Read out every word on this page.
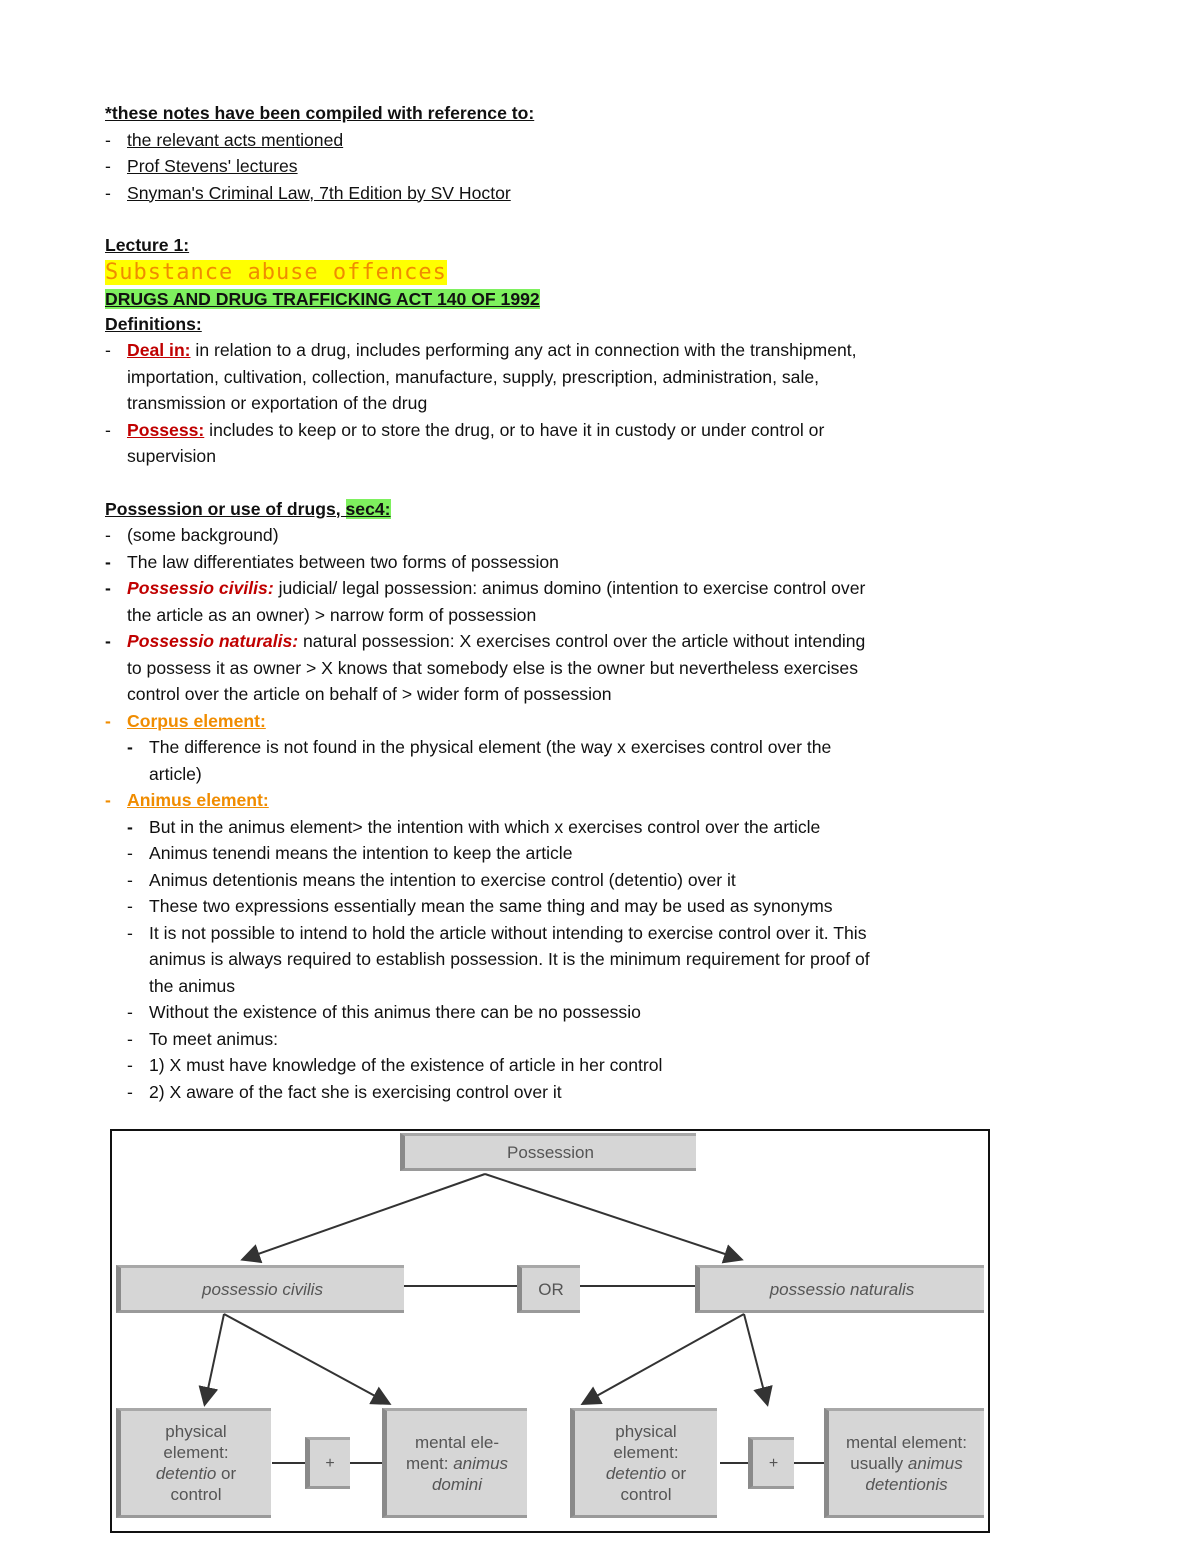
*these notes have been compiled with reference to:
- the relevant acts mentioned
- Prof Stevens' lectures
- Snyman's Criminal Law, 7th Edition by SV Hoctor
Lecture 1:
Substance abuse offences
DRUGS AND DRUG TRAFFICKING ACT 140 OF 1992
Definitions:
- Deal in: in relation to a drug, includes performing any act in connection with the transhipment,
importation, cultivation, collection, manufacture, supply, prescription, administration, sale,
transmission or exportation of the drug
- Possess: includes to keep or to store the drug, or to have it in custody or under control or
supervision
Possession or use of drugs, sec4:
- (some background)
- The law differentiates between two forms of possession
- Possessio civilis: judicial/ legal possession: animus domino (intention to exercise control over
the article as an owner) > narrow form of possession
- Possessio naturalis: natural possession: X exercises control over the article without intending
to possess it as owner > X knows that somebody else is the owner but nevertheless exercises
control over the article on behalf of > wider form of possession
- Corpus element:
- The difference is not found in the physical element (the way x exercises control over the
article)
- Animus element:
- But in the animus element> the intention with which x exercises control over the article
- Animus tenendi means the intention to keep the article
- Animus detentionis means the intention to exercise control (detentio) over it
- These two expressions essentially mean the same thing and may be used as synonyms
- It is not possible to intend to hold the article without intending to exercise control over it. This
animus is always required to establish possession. It is the minimum requirement for proof of
the animus
- Without the existence of this animus there can be no possessio
- To meet animus:
- 1) X must have knowledge of the existence of article in her control
- 2) X aware of the fact she is exercising control over it
Possession
possessio civilis	OR	possessio naturalis
physical
element:
detentio or
control
+
mental ele-
ment: animus
domini
physical
element:
detentio or
control
+
mental element:
usually animus
detentionis
